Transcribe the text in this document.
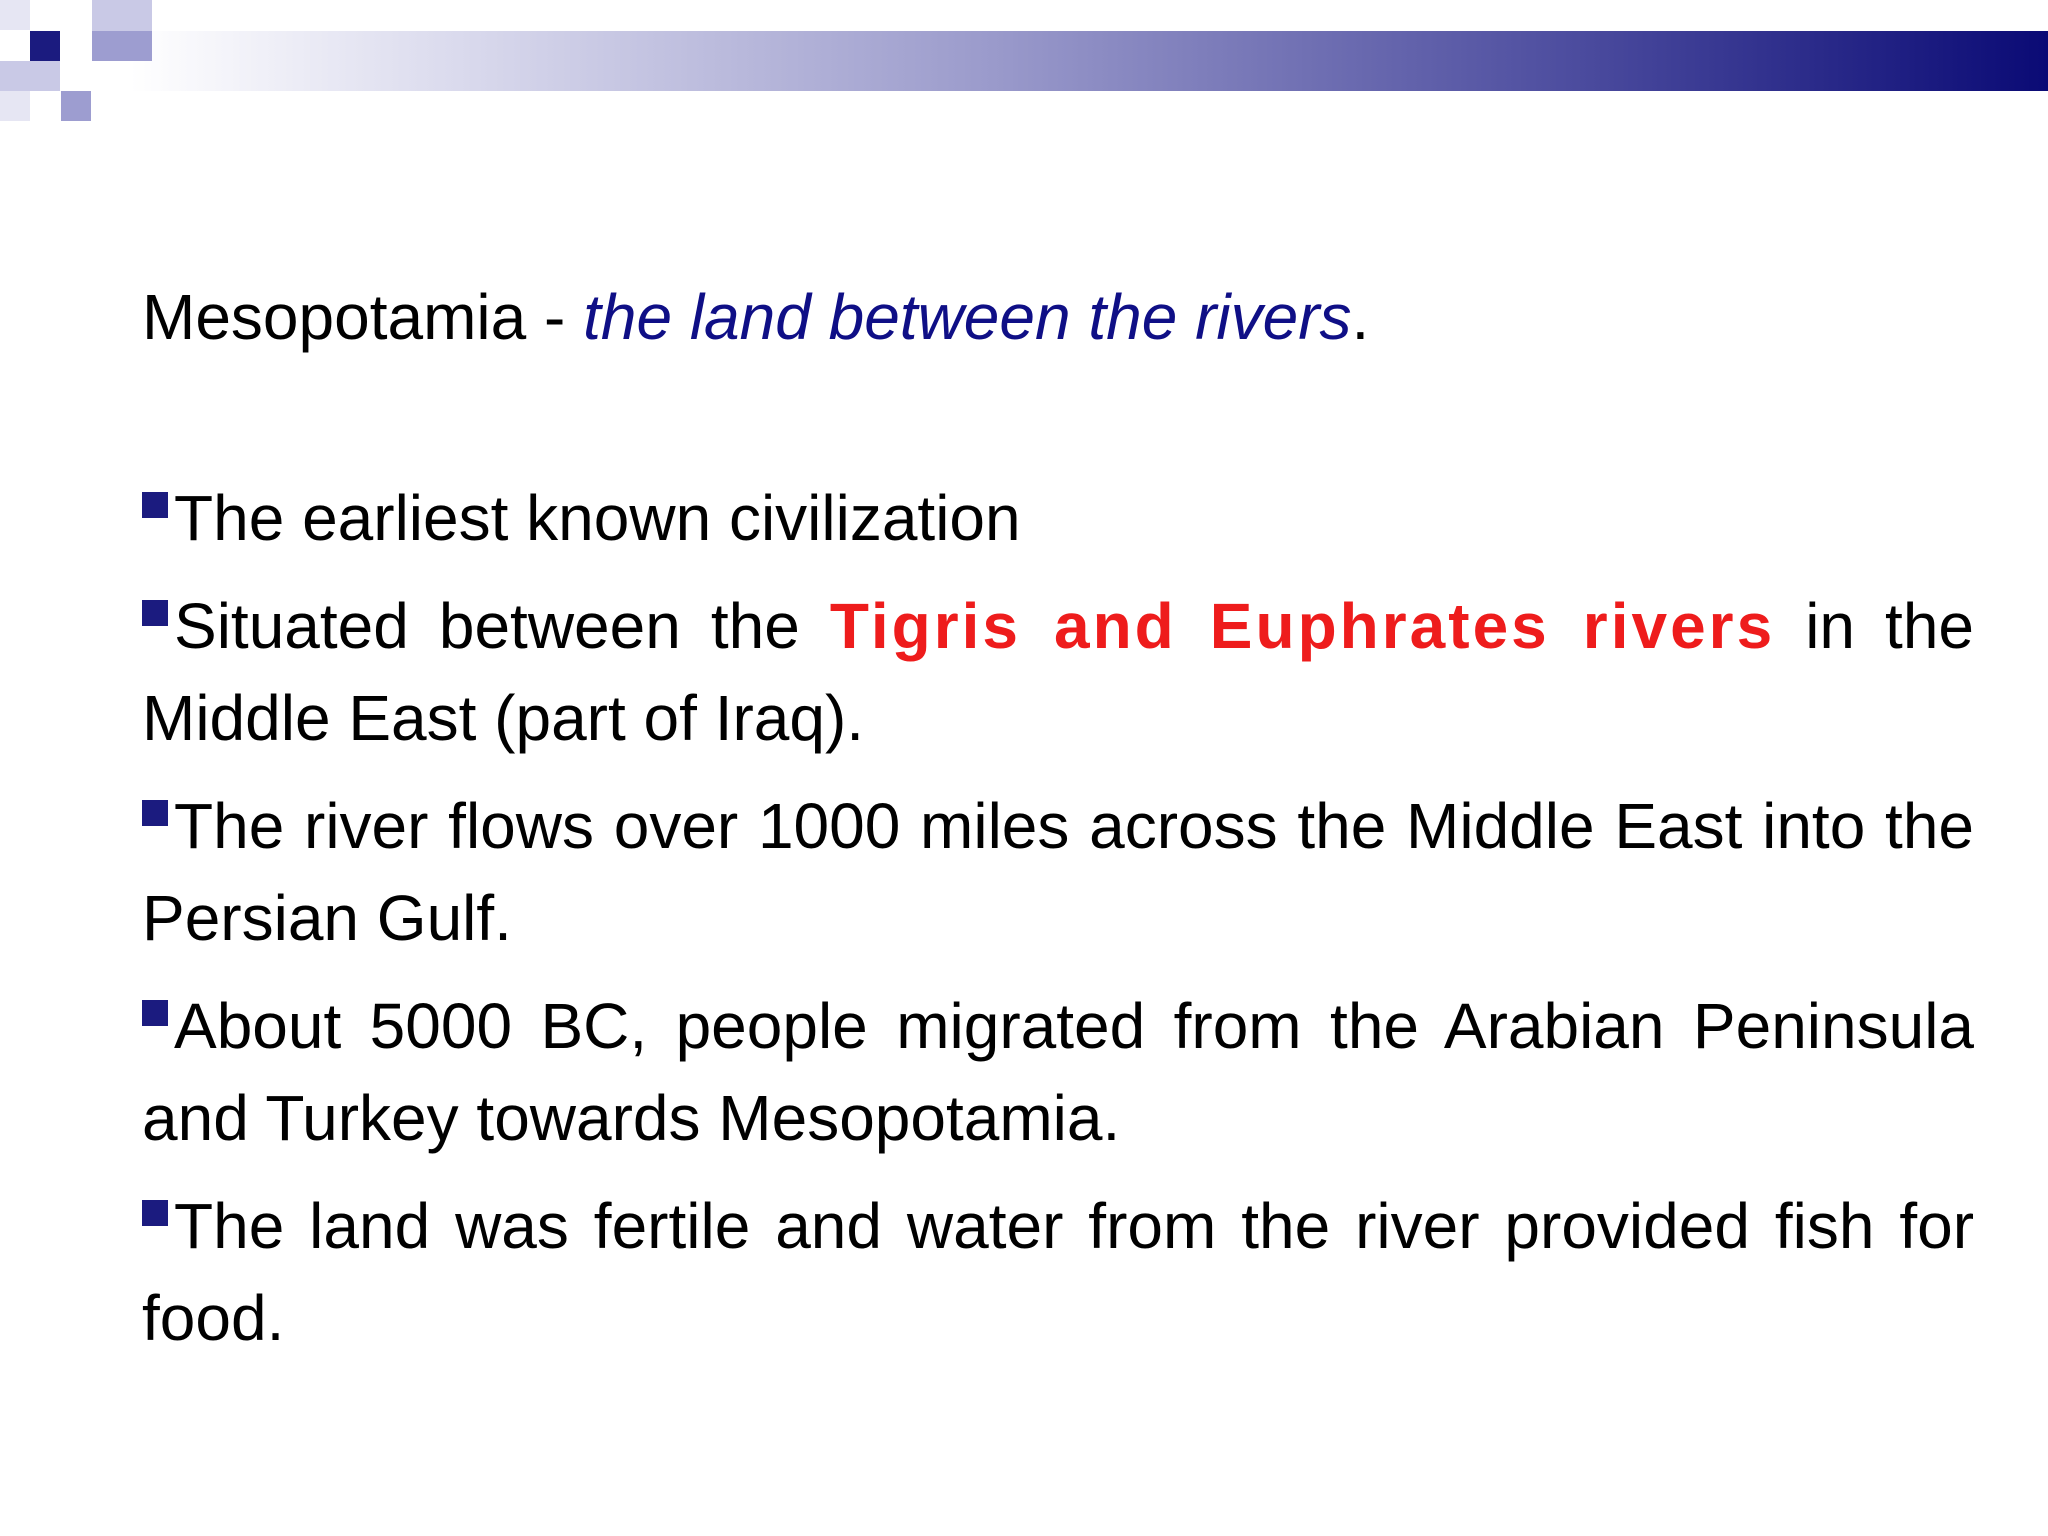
Mesopotamia - the land between the rivers.
The earliest known civilization
Situated between the Tigris and Euphrates rivers in the Middle East (part of Iraq).
The river flows over 1000 miles across the Middle East into the Persian Gulf.
About 5000 BC, people migrated from the Arabian Peninsula and Turkey towards Mesopotamia.
The land was fertile and water from the river provided fish for food.
